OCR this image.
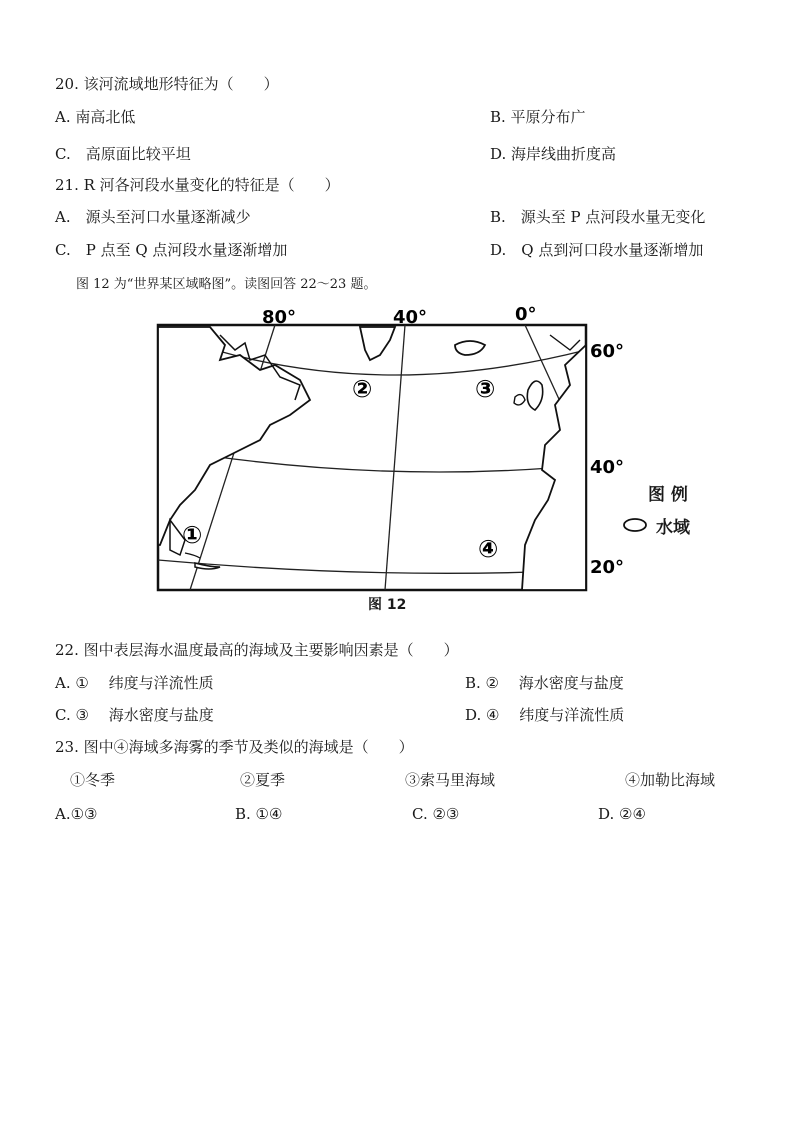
20. 该河流域地形特征为（　　）
A. 南高北低	B. 平原分布广
C.　高原面比较平坦	D. 海岸线曲折度高
21. R 河各河段水量变化的特征是（　　）
A.　源头至河口水量逐渐减少	B.　源头至 P 点河段水量无变化
C.　P 点至 Q 点河段水量逐渐增加	D.　Q 点到河口段水量逐渐增加
图 12 为“世界某区域略图”。读图回答 22～23 题。
80°	40°	0°
60°
40°
20°
①
②	③
④
图 12
图 例
水域
22. 图中表层海水温度最高的海域及主要影响因素是（　　）
A. ①　 纬度与洋流性质	B. ②　 海水密度与盐度
C. ③　 海水密度与盐度	D. ④　 纬度与洋流性质
23. 图中④海域多海雾的季节及类似的海域是（　　）
①冬季	②夏季	③索马里海域	④加勒比海域
A.①③	B. ①④	C. ②③	D. ②④
